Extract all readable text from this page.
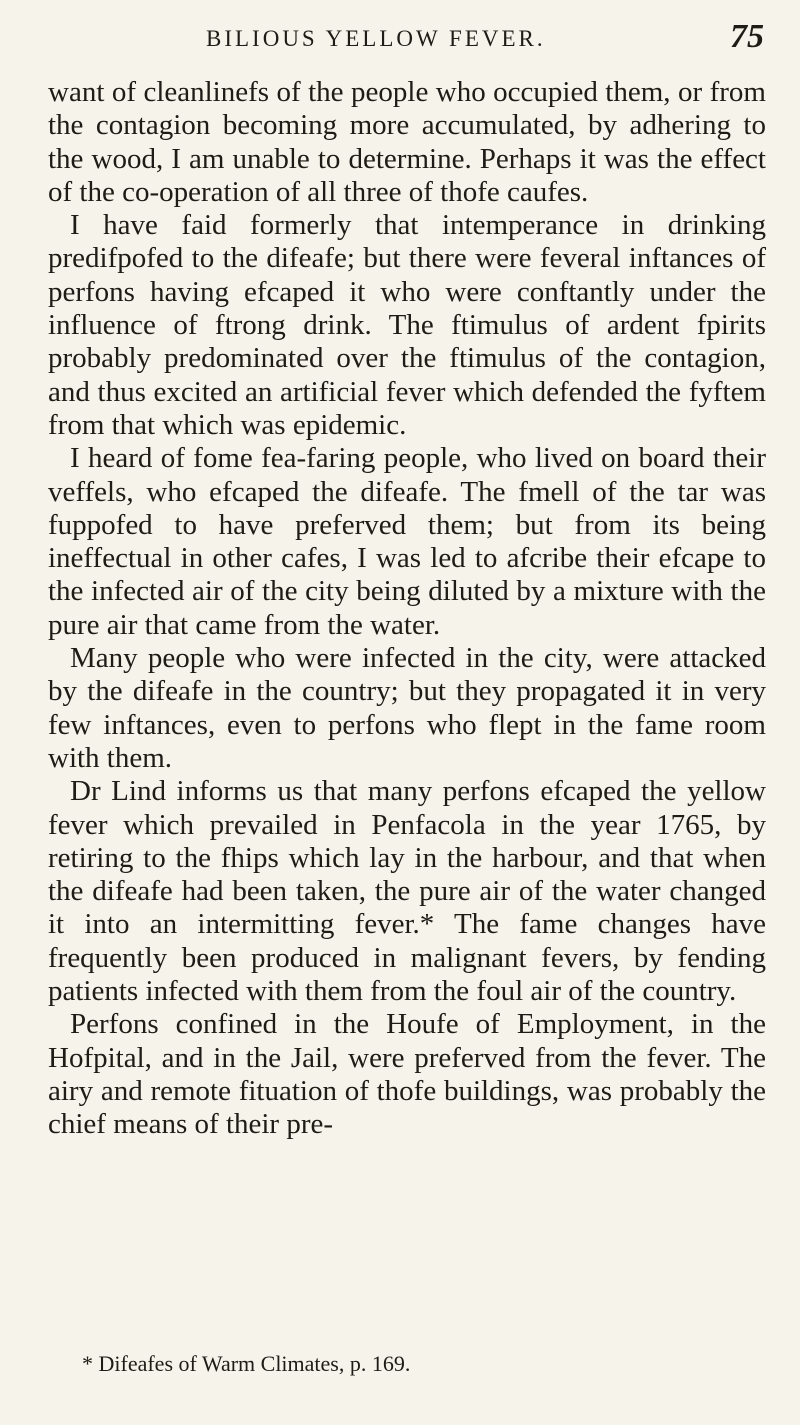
BILIOUS YELLOW FEVER.	75

want of cleanlinefs of the people who occupied them, or from the contagion becoming more accumulated, by adhering to the wood, I am unable to determine. Perhaps it was the effect of the co-operation of all three of thofe caufes.

I have faid formerly that intemperance in drinking predifpofed to the difeafe; but there were feveral inftances of perfons having efcaped it who were conftantly under the influence of ftrong drink. The ftimulus of ardent fpirits probably predominated over the ftimulus of the contagion, and thus excited an artificial fever which defended the fyftem from that which was epidemic.

I heard of fome fea-faring people, who lived on board their veffels, who efcaped the difeafe. The fmell of the tar was fuppofed to have preferved them; but from its being ineffectual in other cafes, I was led to afcribe their efcape to the infected air of the city being diluted by a mixture with the pure air that came from the water.

Many people who were infected in the city, were attacked by the difeafe in the country; but they propagated it in very few inftances, even to perfons who flept in the fame room with them.

Dr Lind informs us that many perfons efcaped the yellow fever which prevailed in Penfacola in the year 1765, by retiring to the fhips which lay in the harbour, and that when the difeafe had been taken, the pure air of the water changed it into an intermitting fever.* The fame changes have frequently been produced in malignant fevers, by fending patients infected with them from the foul air of the country.

Perfons confined in the Houfe of Employment, in the Hofpital, and in the Jail, were preferved from the fever. The airy and remote fituation of thofe buildings, was probably the chief means of their pre-

* Difeafes of Warm Climates, p. 169.
